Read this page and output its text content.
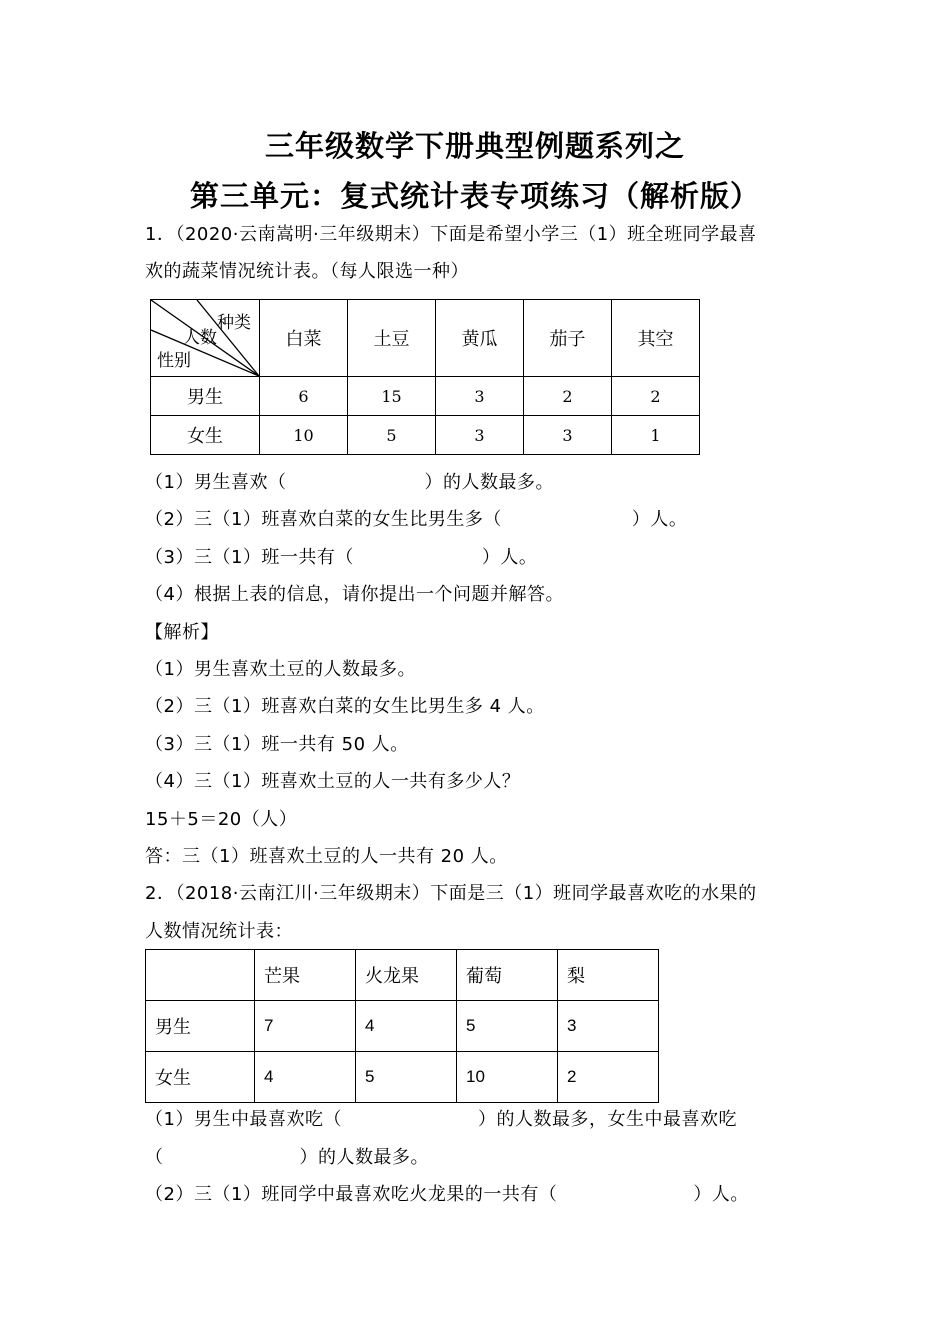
三年级数学下册典型例题系列之
第三单元：复式统计表专项练习（解析版）
1．（2020·云南嵩明·三年级期末）下面是希望小学三（1）班全班同学最喜
欢的蔬菜情况统计表。（每人限选一种）
种类
人数
性别	白菜	土豆	黄瓜	茄子	其空
男生	6	15	3	2	2
女生	10	5	3	3	1
（1）男生喜欢（	）的人数最多。
（2）三（1）班喜欢白菜的女生比男生多（	）人。
（3）三（1）班一共有（	）人。
（4）根据上表的信息，请你提出一个问题并解答。
【解析】
（1）男生喜欢土豆的人数最多。
（2）三（1）班喜欢白菜的女生比男生多 4 人。
（3）三（1）班一共有 50 人。
（4）三（1）班喜欢土豆的人一共有多少人？
15＋5＝20（人）
答：三（1）班喜欢土豆的人一共有 20 人。
2．（2018·云南江川·三年级期末）下面是三（1）班同学最喜欢吃的水果的
人数情况统计表：
	芒果	火龙果	葡萄	梨
男生	7	4	5	3
女生	4	5	10	2
（1）男生中最喜欢吃（	）的人数最多，女生中最喜欢吃
（	）的人数最多。
（2）三（1）班同学中最喜欢吃火龙果的一共有（	）人。
